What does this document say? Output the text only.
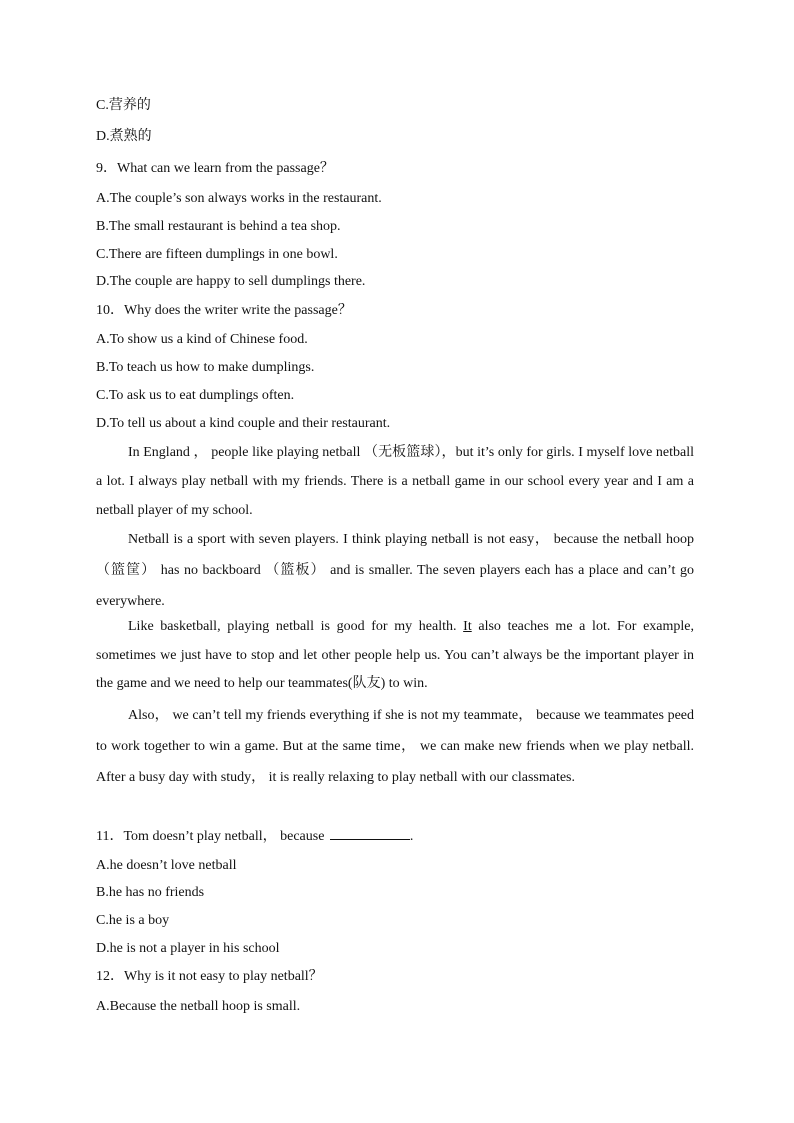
C.营养的
D.煮熟的
9．What can we learn from the passage？
A.The couple’s son always works in the restaurant.
B.The small restaurant is behind a tea shop.
C.There are fifteen dumplings in one bowl.
D.The couple are happy to sell dumplings there.
10．Why does the writer write the passage？
A.To show us a kind of Chinese food.
B.To teach us how to make dumplings.
C.To ask us to eat dumplings often.
D.To tell us about a kind couple and their restaurant.
In England ， people like playing netball （无板篮球），but it’s only for girls. I myself love netball a lot. I always play netball with my friends. There is a netball game in our school every year and I am a netball player of my school.
Netball is a sport with seven players. I think playing netball is not easy， because the netball hoop （篮筐） has no backboard （篮板） and is smaller. The seven players each has a place and can’t go everywhere.
Like basketball, playing netball is good for my health. It also teaches me a lot. For example, sometimes we just have to stop and let other people help us. You can’t always be the important player in the game and we need to help our teammates(队友) to win.
Also， we can’t tell my friends everything if she is not my teammate， because we teammates peed to work together to win a game. But at the same time， we can make new friends when we play netball. After a busy day with study， it is really relaxing to play netball with our classmates.
11．Tom doesn’t play netball， because	.
A.he doesn’t love netball
B.he has no friends
C.he is a boy
D.he is not a player in his school
12．Why is it not easy to play netball？
A.Because the netball hoop is small.
